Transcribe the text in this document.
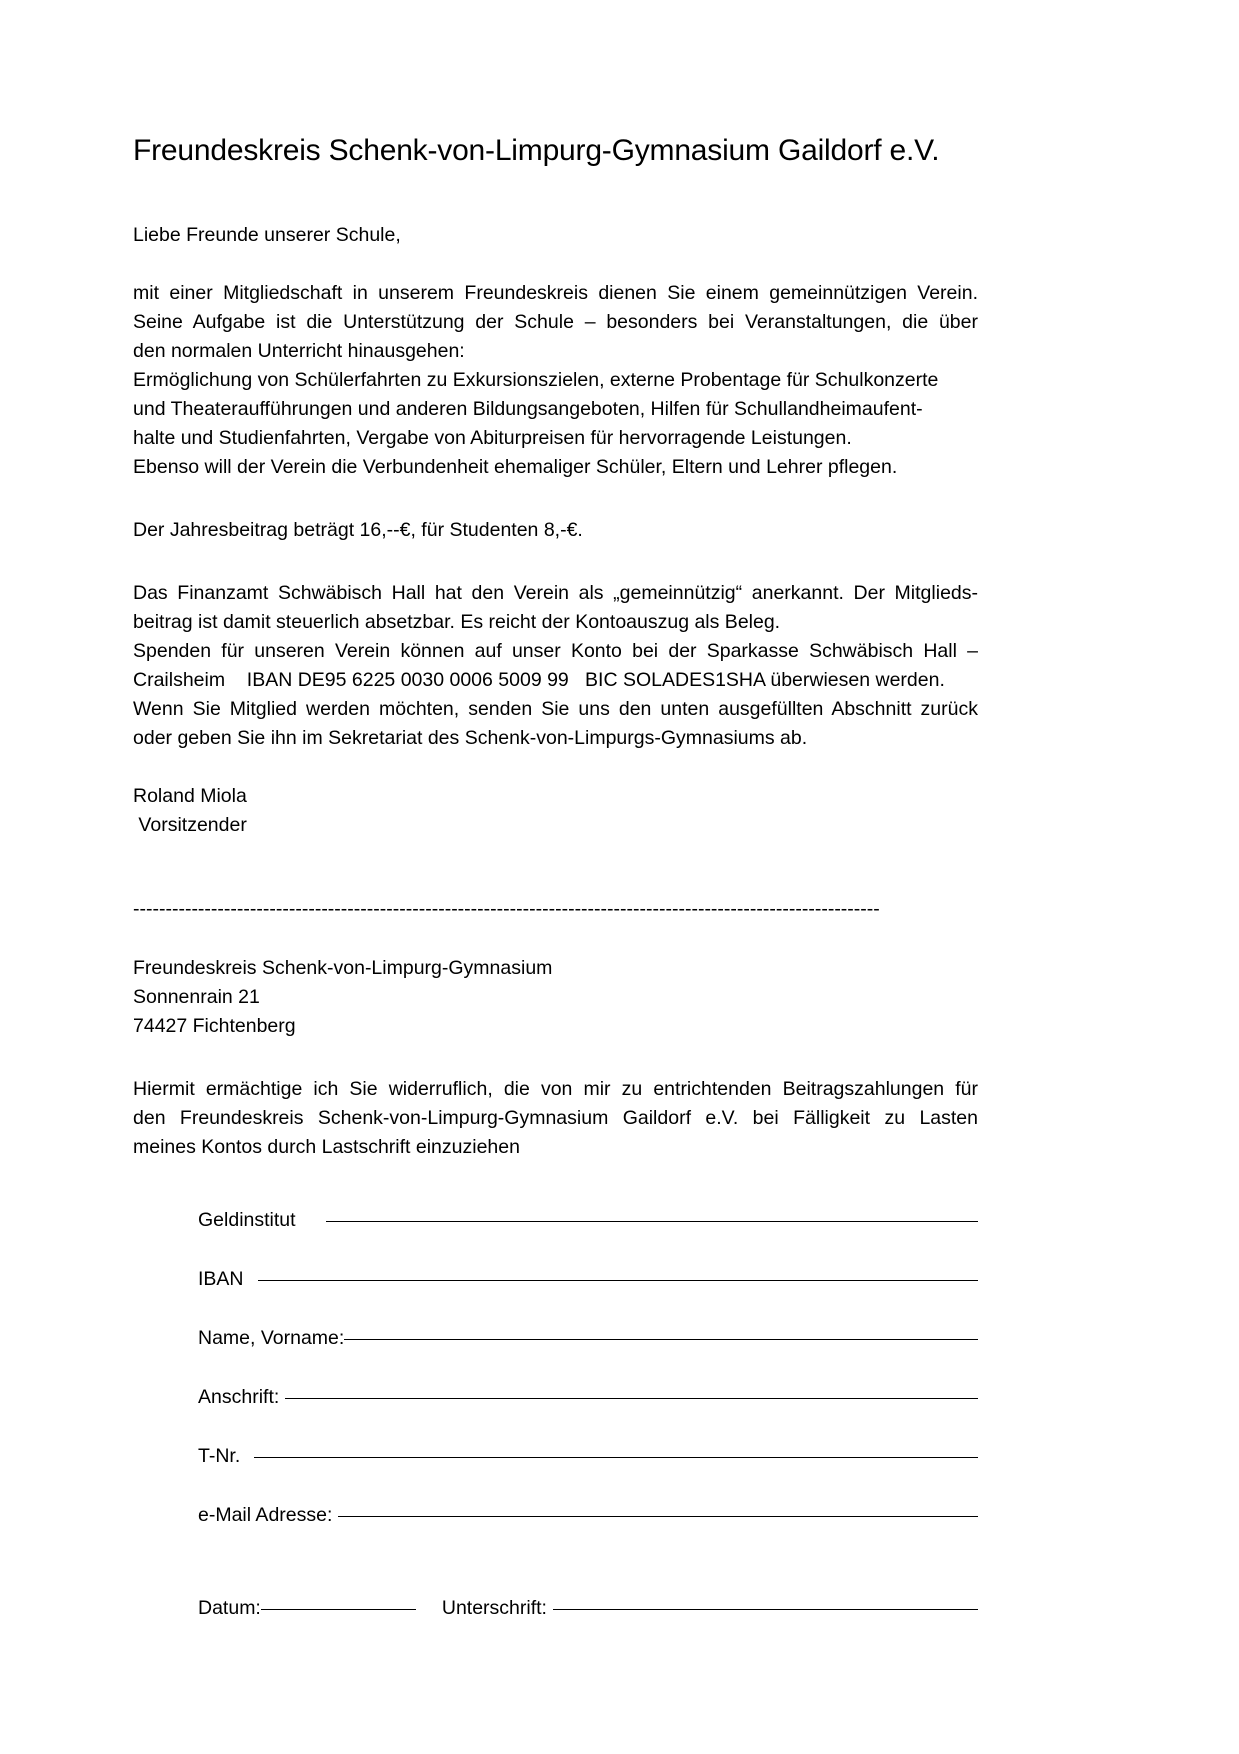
Freundeskreis Schenk-von-Limpurg-Gymnasium Gaildorf e.V.

Liebe Freunde unserer Schule,

mit einer Mitgliedschaft in unserem Freundeskreis dienen Sie einem gemeinnützigen Verein.
Seine Aufgabe ist die Unterstützung der Schule – besonders bei Veranstaltungen, die über
den normalen Unterricht hinausgehen:
Ermöglichung von Schülerfahrten zu Exkursionszielen, externe Probentage für Schulkonzerte
und Theateraufführungen und anderen Bildungsangeboten, Hilfen für Schullandheimaufent-
halte und Studienfahrten, Vergabe von Abiturpreisen für hervorragende Leistungen.
Ebenso will der Verein die Verbundenheit ehemaliger Schüler, Eltern und Lehrer pflegen.

Der Jahresbeitrag beträgt 16,--€, für Studenten 8,-€.

Das Finanzamt Schwäbisch Hall hat den Verein als „gemeinnützig“ anerkannt. Der Mitglieds-
beitrag ist damit steuerlich absetzbar. Es reicht der Kontoauszug als Beleg.
Spenden für unseren Verein können auf unser Konto bei der Sparkasse Schwäbisch Hall –
Crailsheim    IBAN DE95 6225 0030 0006 5009 99   BIC SOLADES1SHA überwiesen werden.
Wenn Sie Mitglied werden möchten, senden Sie uns den unten ausgefüllten Abschnitt zurück
oder geben Sie ihn im Sekretariat des Schenk-von-Limpurgs-Gymnasiums ab.
Roland Miola
Vorsitzender
-------------------------------------------------------------------------------------------------------------------
Freundeskreis Schenk-von-Limpurg-Gymnasium
Sonnenrain 21
74427 Fichtenberg
Hiermit ermächtige ich Sie widerruflich, die von mir zu entrichtenden Beitragszahlungen für
den Freundeskreis Schenk-von-Limpurg-Gymnasium Gaildorf e.V. bei Fälligkeit zu Lasten
meines Kontos durch Lastschrift einzuziehen
Geldinstitut
IBAN
Name, Vorname:
Anschrift:
T-Nr.
e-Mail Adresse:
Datum:	Unterschrift:
